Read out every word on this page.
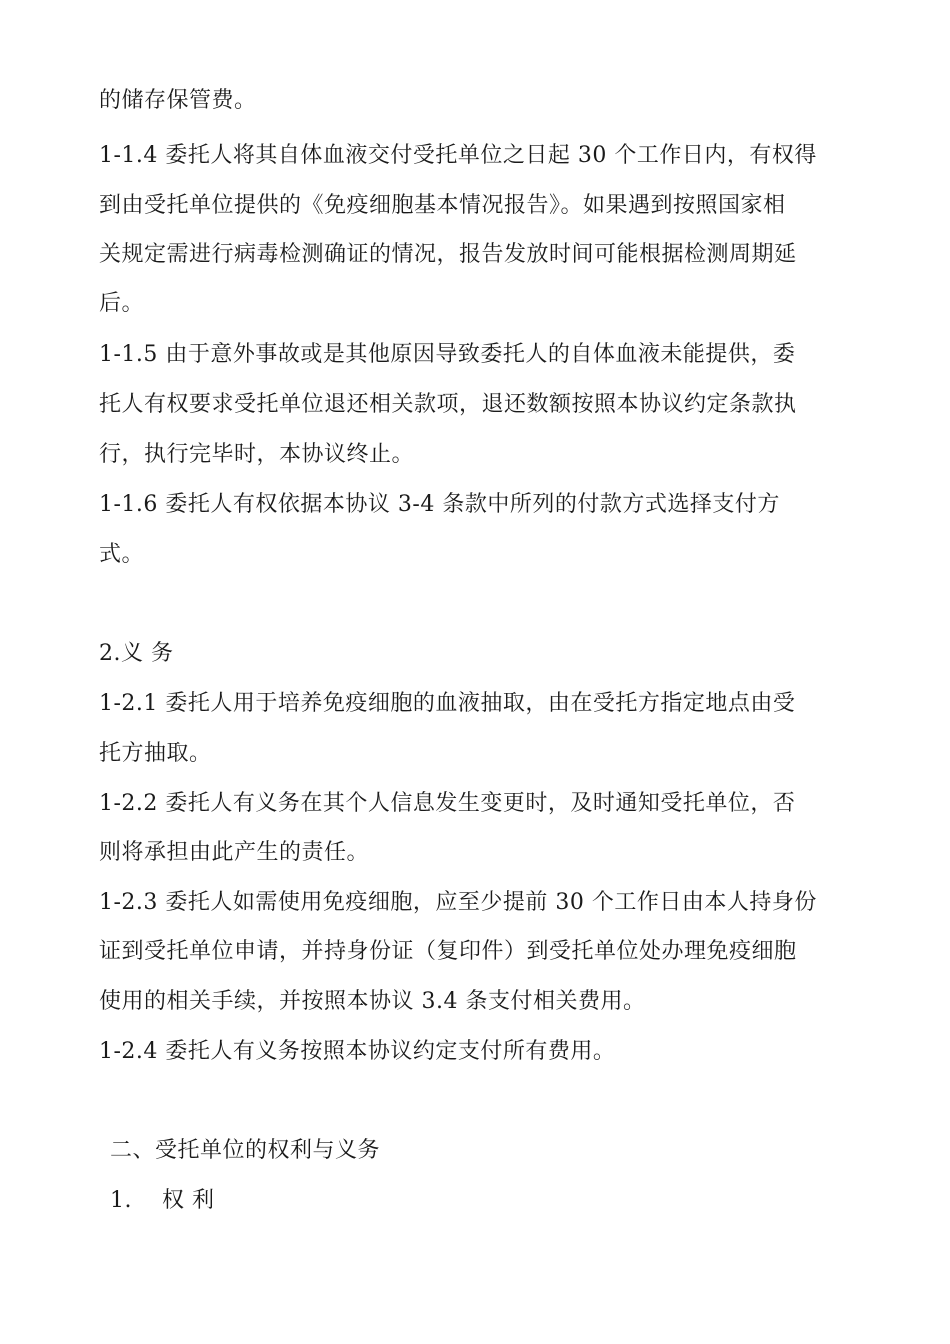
的储存保管费。
1-1.4 委托人将其自体血液交付受托单位之日起 30 个工作日内，有权得
到由受托单位提供的《免疫细胞基本情况报告》。如果遇到按照国家相
关规定需进行病毒检测确证的情况，报告发放时间可能根据检测周期延
后。
1-1.5 由于意外事故或是其他原因导致委托人的自体血液未能提供，委
托人有权要求受托单位退还相关款项，退还数额按照本协议约定条款执
行，执行完毕时，本协议终止。
1-1.6 委托人有权依据本协议 3-4 条款中所列的付款方式选择支付方
式。
2.义 务
1-2.1 委托人用于培养免疫细胞的血液抽取，由在受托方指定地点由受
托方抽取。
1-2.2 委托人有义务在其个人信息发生变更时，及时通知受托单位，否
则将承担由此产生的责任。
1-2.3 委托人如需使用免疫细胞，应至少提前 30 个工作日由本人持身份
证到受托单位申请，并持身份证（复印件）到受托单位处办理免疫细胞
使用的相关手续，并按照本协议 3.4 条支付相关费用。
1-2.4 委托人有义务按照本协议约定支付所有费用。
二、受托单位的权利与义务
1.    权 利
